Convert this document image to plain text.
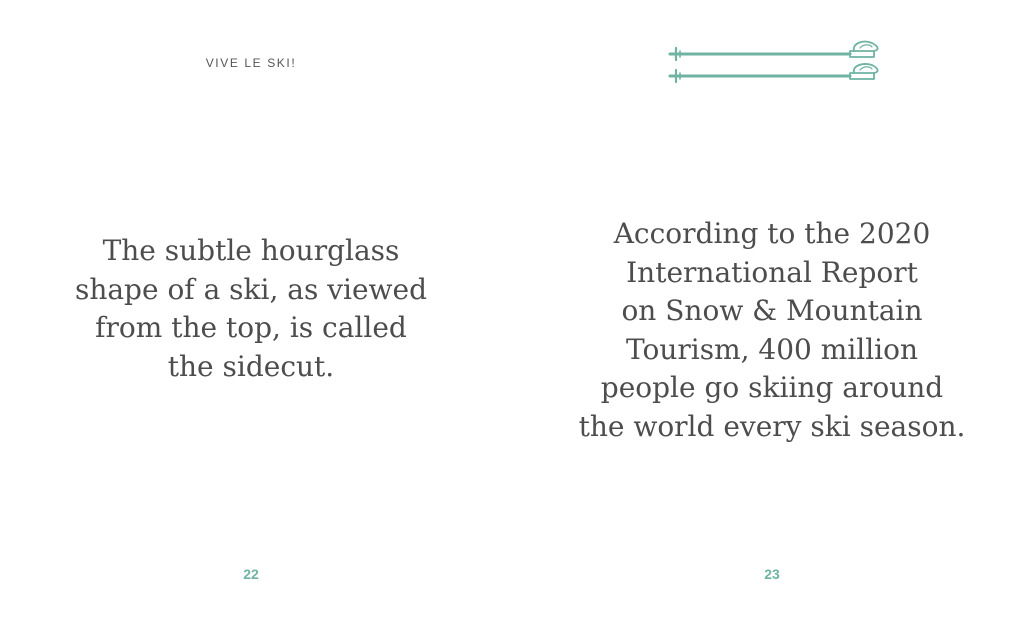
VIVE LE SKI!
The subtle hourglass
shape of a ski, as viewed
from the top, is called
the sidecut.
22
According to the 2020
International Report
on Snow & Mountain
Tourism, 400 million
people go skiing around
the world every ski season.
23
